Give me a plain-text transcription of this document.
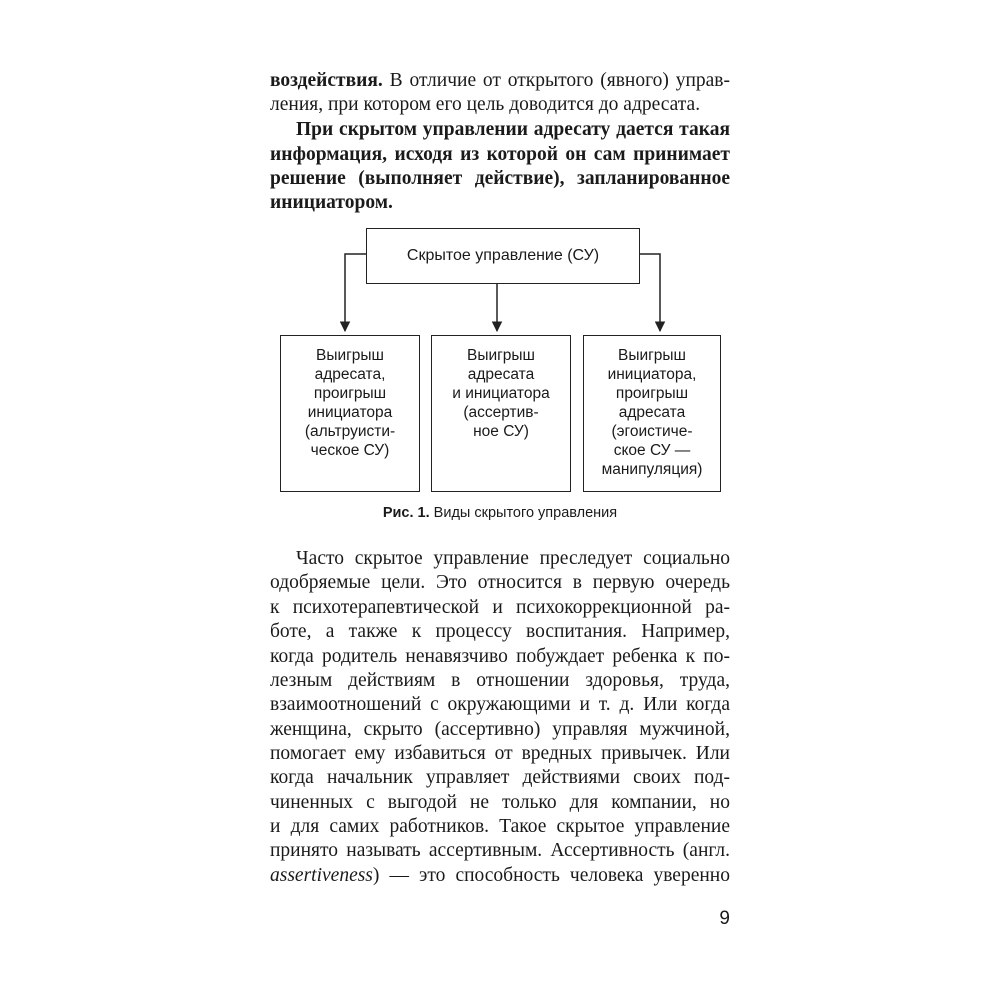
воздействия. В отличие от открытого (явного) управ-
ления, при котором его цель доводится до адресата.
При скрытом управлении адресату дается такая
информация, исходя из которой он сам принимает
решение (выполняет действие), запланированное
инициатором.
Скрытое управление (СУ)
Выигрыш
адресата,
проигрыш
инициатора
(альтруисти-
ческое СУ)
Выигрыш
адресата
и инициатора
(ассертив-
ное СУ)
Выигрыш
инициатора,
проигрыш
адресата
(эгоистиче-
ское СУ —
манипуляция)
Рис. 1. Виды скрытого управления
Часто скрытое управление преследует социально
одобряемые цели. Это относится в первую очередь
к психотерапевтической и психокоррекционной ра-
боте, а также к процессу воспитания. Например,
когда родитель ненавязчиво побуждает ребенка к по-
лезным действиям в отношении здоровья, труда,
взаимоотношений с окружающими и т. д. Или когда
женщина, скрыто (ассертивно) управляя мужчиной,
помогает ему избавиться от вредных привычек. Или
когда начальник управляет действиями своих под-
чиненных с выгодой не только для компании, но
и для самих работников. Такое скрытое управление
принято называть ассертивным. Ассертивность (англ.
assertiveness) — это способность человека уверенно
9
